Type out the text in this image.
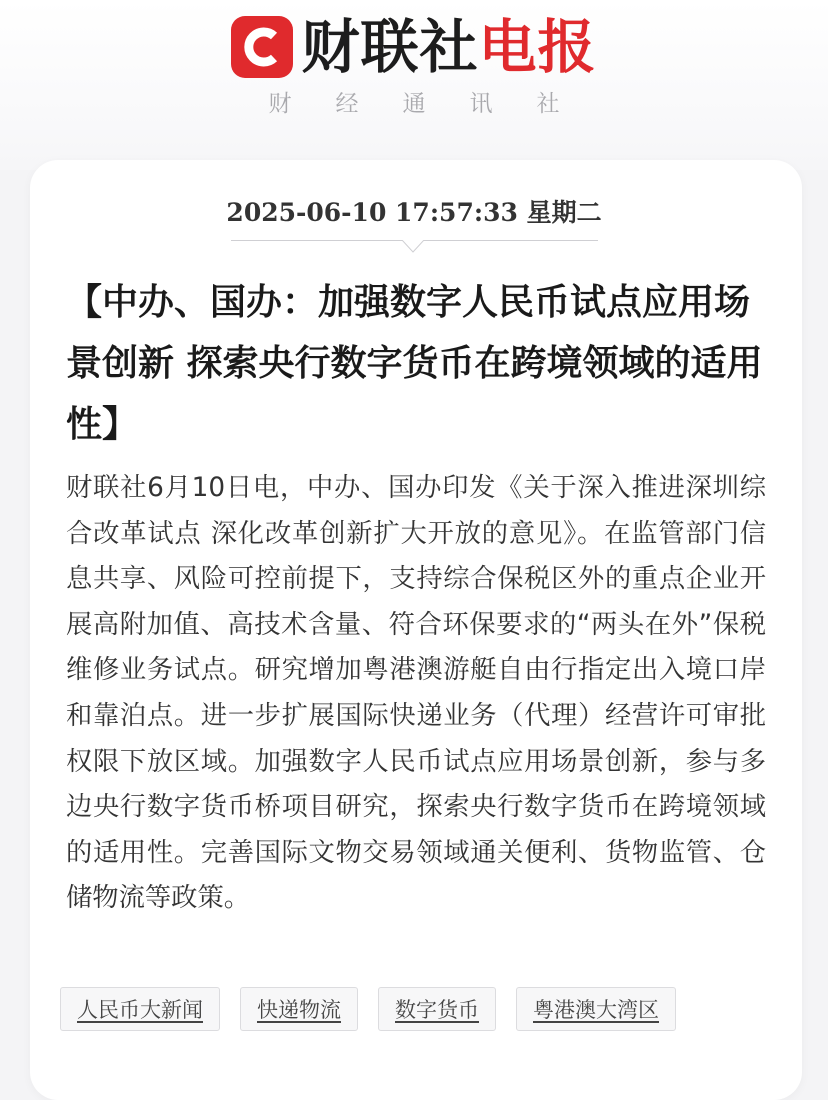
财联社 电报
财经通讯社
2025-06-10 17:57:33 星期二
【中办、国办：加强数字人民币试点应用场景创新 探索央行数字货币在跨境领域的适用性】
财联社6月10日电，中办、国办印发《关于深入推进深圳综合改革试点 深化改革创新扩大开放的意见》。在监管部门信息共享、风险可控前提下，支持综合保税区外的重点企业开展高附加值、高技术含量、符合环保要求的“两头在外”保税维修业务试点。研究增加粤港澳游艇自由行指定出入境口岸和靠泊点。进一步扩展国际快递业务（代理）经营许可审批权限下放区域。加强数字人民币试点应用场景创新，参与多边央行数字货币桥项目研究，探索央行数字货币在跨境领域的适用性。完善国际文物交易领域通关便利、货物监管、仓储物流等政策。
人民币大新闻	快递物流	数字货币	粤港澳大湾区
